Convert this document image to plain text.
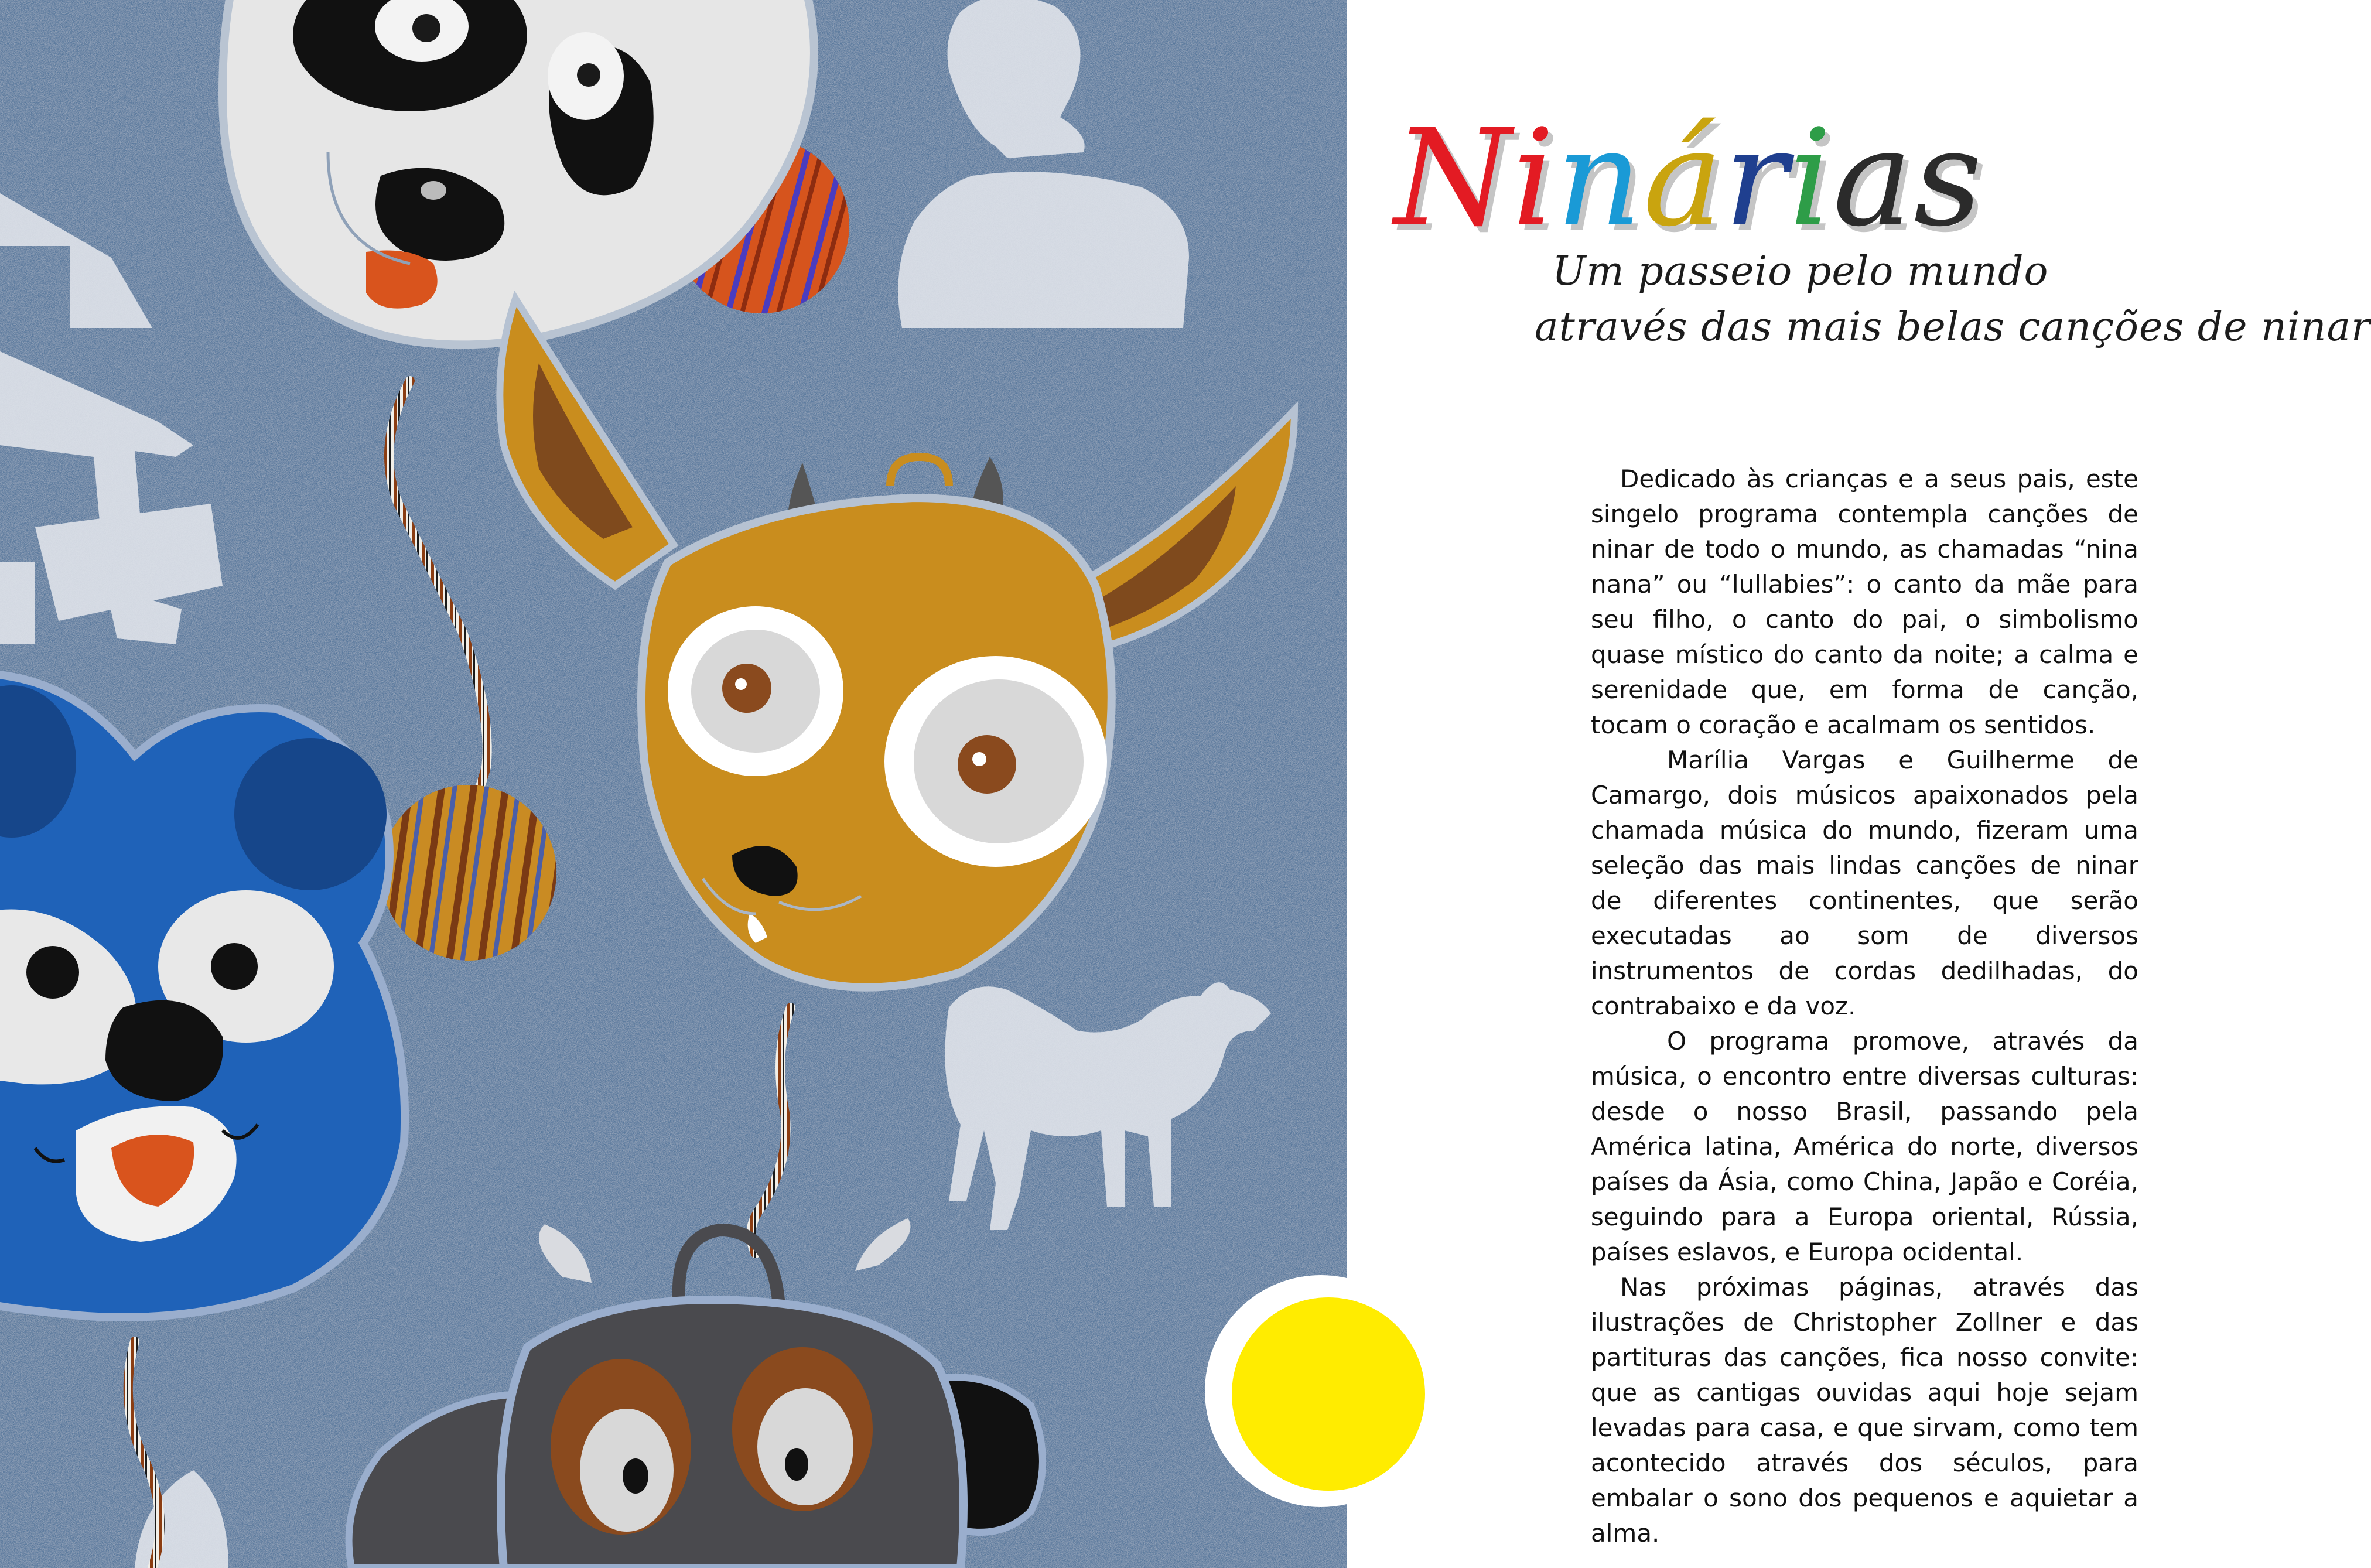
Ninárias
Um passeio pelo mundo
através das mais belas canções de ninar

Dedicado às crianças e a seus pais, este singelo programa contempla canções de ninar de todo o mundo, as chamadas “nina nana” ou “lullabies”: o canto da mãe para seu filho, o canto do pai, o simbolismo quase místico do canto da noite; a calma e serenidade que, em forma de canção, tocam o coração e acalmam os sentidos.

Marília Vargas e Guilherme de Camargo, dois músicos apaixonados pela chamada música do mundo, fizeram uma seleção das mais lindas canções de ninar de diferentes continentes, que serão executadas ao som de diversos instrumentos de cordas dedilhadas, do contrabaixo e da voz.

O programa promove, através da música, o encontro entre diversas culturas: desde o nosso Brasil, passando pela América latina, América do norte, diversos países da Ásia, como China, Japão e Coréia, seguindo para a Europa oriental, Rússia, países eslavos, e Europa ocidental.

Nas próximas páginas, através das ilustrações de Christopher Zollner e das partituras das canções, fica nosso convite: que as cantigas ouvidas aqui hoje sejam levadas para casa, e que sirvam, como tem acontecido através dos séculos, para embalar o sono dos pequenos e aquietar a alma.
